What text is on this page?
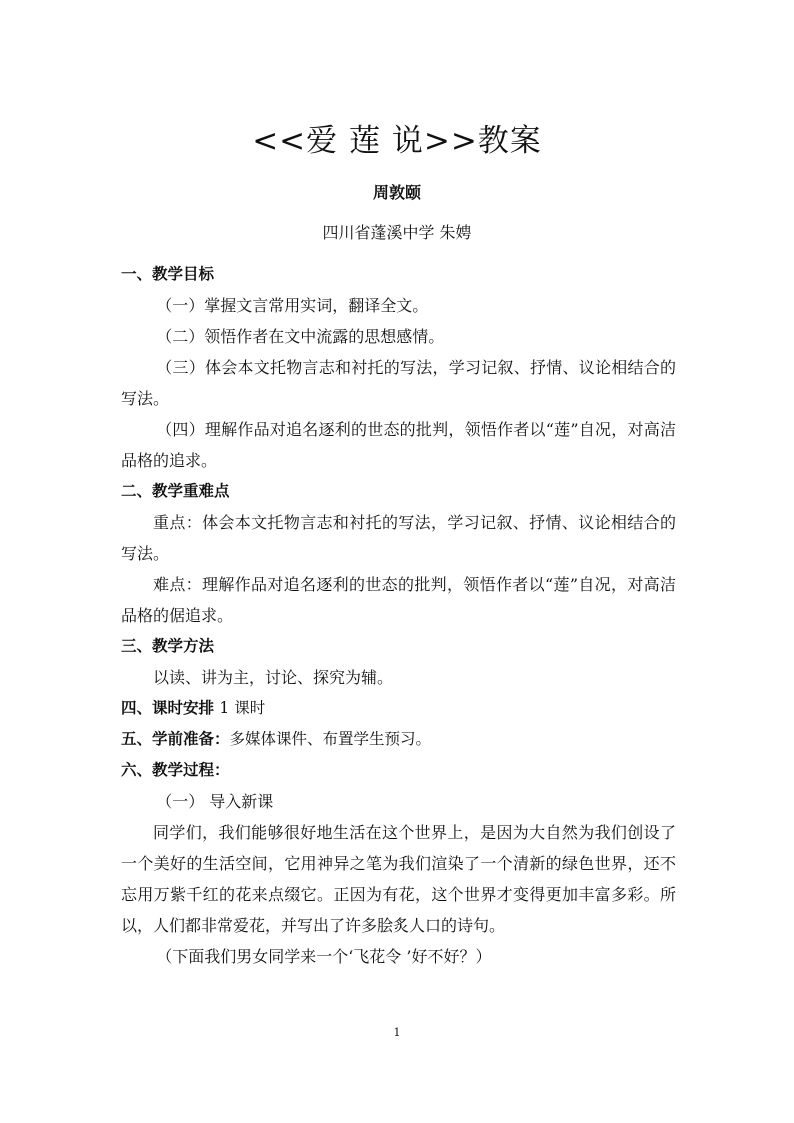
<<爱 莲 说>>教案
周敦颐
四川省蓬溪中学 朱娉

一、教学目标

（一）掌握文言常用实词，翻译全文。

（二）领悟作者在文中流露的思想感情。

（三）体会本文托物言志和衬托的写法，学习记叙、抒情、议论相结合的写法。

（四）理解作品对追名逐利的世态的批判，领悟作者以“莲”自况，对高洁品格的追求。

二、教学重难点

重点：体会本文托物言志和衬托的写法，学习记叙、抒情、议论相结合的写法。

难点：理解作品对追名逐利的世态的批判，领悟作者以“莲”自况，对高洁品格的倨追求。

三、教学方法

以读、讲为主，讨论、探究为辅。

四、课时安排 1 课时

五、学前准备：多媒体课件、布置学生预习。

六、教学过程：

（一） 导入新课

同学们，我们能够很好地生活在这个世界上，是因为大自然为我们创设了一个美好的生活空间，它用神异之笔为我们渲染了一个清新的绿色世界，还不忘用万紫千红的花来点缀它。正因为有花，这个世界才变得更加丰富多彩。所以，人们都非常爱花，并写出了许多脍炙人口的诗句。

（下面我们男女同学来一个‘飞花令 ’好不好？）

1
